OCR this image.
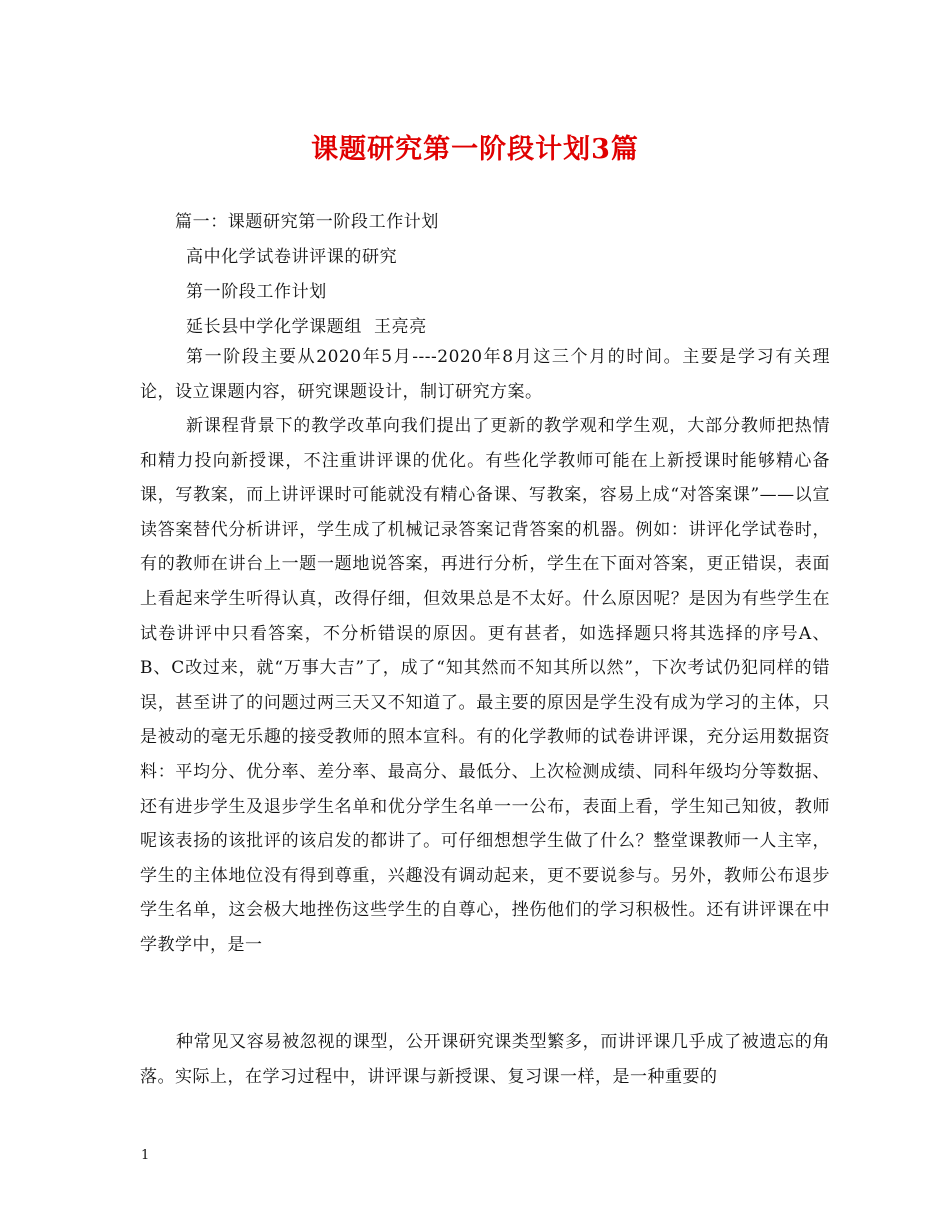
课题研究第一阶段计划3篇
篇一：课题研究第一阶段工作计划
高中化学试卷讲评课的研究
第一阶段工作计划
延长县中学化学课题组  王亮亮
第一阶段主要从2020年5月----2020年8月这三个月的时间。主要是学习有关理论，设立课题内容，研究课题设计，制订研究方案。
新课程背景下的教学改革向我们提出了更新的教学观和学生观，大部分教师把热情和精力投向新授课，不注重讲评课的优化。有些化学教师可能在上新授课时能够精心备课，写教案，而上讲评课时可能就没有精心备课、写教案，容易上成“对答案课”——以宣读答案替代分析讲评，学生成了机械记录答案记背答案的机器。例如：讲评化学试卷时，有的教师在讲台上一题一题地说答案，再进行分析，学生在下面对答案，更正错误，表面上看起来学生听得认真，改得仔细，但效果总是不太好。什么原因呢？是因为有些学生在试卷讲评中只看答案，不分析错误的原因。更有甚者，如选择题只将其选择的序号A、B、C改过来，就“万事大吉”了，成了“知其然而不知其所以然”，下次考试仍犯同样的错误，甚至讲了的问题过两三天又不知道了。最主要的原因是学生没有成为学习的主体，只是被动的毫无乐趣的接受教师的照本宣科。有的化学教师的试卷讲评课，充分运用数据资料：平均分、优分率、差分率、最高分、最低分、上次检测成绩、同科年级均分等数据、还有进步学生及退步学生名单和优分学生名单一一公布，表面上看，学生知己知彼，教师呢该表扬的该批评的该启发的都讲了。可仔细想想学生做了什么？整堂课教师一人主宰，学生的主体地位没有得到尊重，兴趣没有调动起来，更不要说参与。另外，教师公布退步学生名单，这会极大地挫伤这些学生的自尊心，挫伤他们的学习积极性。还有讲评课在中学教学中，是一
种常见又容易被忽视的课型，公开课研究课类型繁多，而讲评课几乎成了被遗忘的角落。实际上，在学习过程中，讲评课与新授课、复习课一样，是一种重要的
1
